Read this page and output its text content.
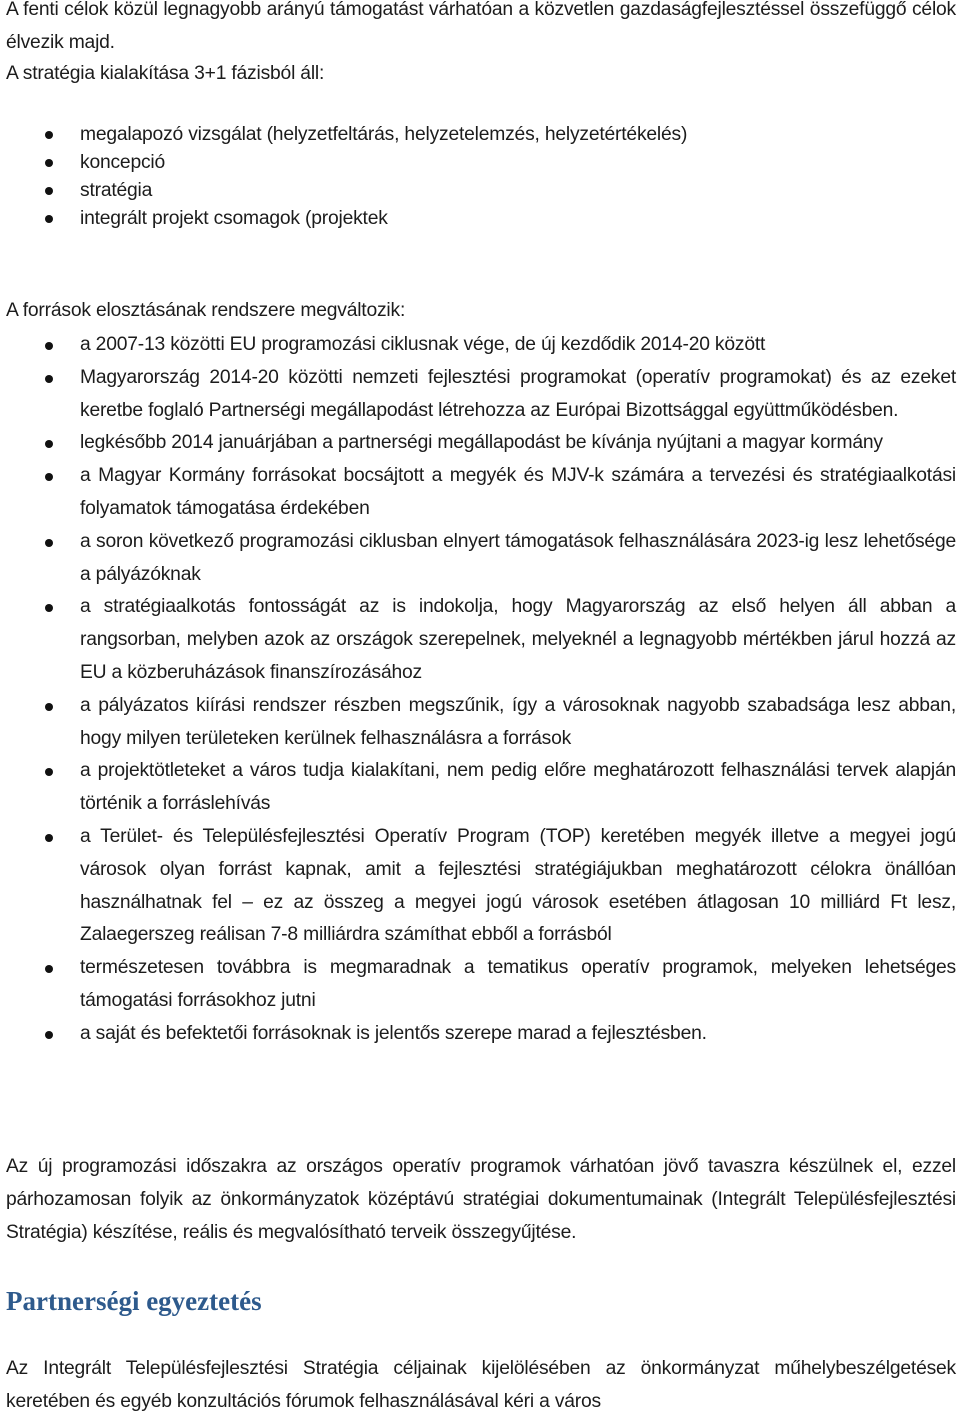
A fenti célok közül legnagyobb arányú támogatást várhatóan a közvetlen gazdaságfejlesztéssel összefüggő célok élvezik majd.

A stratégia kialakítása 3+1 fázisból áll:

megalapozó vizsgálat (helyzetfeltárás, helyzetelemzés, helyzetértékelés)
koncepció
stratégia
integrált projekt csomagok (projektek

A források elosztásának rendszere megváltozik:

a 2007-13 közötti EU programozási ciklusnak vége, de új kezdődik 2014-20 között
Magyarország 2014-20 közötti nemzeti fejlesztési programokat (operatív programokat) és az ezeket keretbe foglaló Partnerségi megállapodást létrehozza az Európai Bizottsággal együttműködésben.
legkésőbb 2014 januárjában a partnerségi megállapodást be kívánja nyújtani a magyar kormány
a Magyar Kormány forrásokat bocsájtott a megyék és MJV-k számára a tervezési és stratégiaalkotási folyamatok támogatása érdekében
a soron következő programozási ciklusban elnyert támogatások felhasználására 2023-ig lesz lehetősége a pályázóknak
a stratégiaalkotás fontosságát az is indokolja, hogy Magyarország az első helyen áll abban a rangsorban, melyben azok az országok szerepelnek, melyeknél a legnagyobb mértékben járul hozzá az EU a közberuházások finanszírozásához
a pályázatos kiírási rendszer részben megszűnik, így a városoknak nagyobb szabadsága lesz abban, hogy milyen területeken kerülnek felhasználásra a források
a projektötleteket a város tudja kialakítani, nem pedig előre meghatározott felhasználási tervek alapján történik a forráslehívás
a Terület- és Településfejlesztési Operatív Program (TOP) keretében megyék illetve a megyei jogú városok olyan forrást kapnak, amit a fejlesztési stratégiájukban meghatározott célokra önállóan használhatnak fel – ez az összeg a megyei jogú városok esetében átlagosan 10 milliárd Ft lesz, Zalaegerszeg reálisan 7-8 milliárdra számíthat ebből a forrásból
természetesen továbbra is megmaradnak a tematikus operatív programok, melyeken lehetséges támogatási forrásokhoz jutni
a saját és befektetői forrásoknak is jelentős szerepe marad a fejlesztésben.

Az új programozási időszakra az országos operatív programok várhatóan jövő tavaszra készülnek el, ezzel párhozamosan folyik az önkormányzatok középtávú stratégiai dokumentumainak (Integrált Településfejlesztési Stratégia) készítése, reális és megvalósítható terveik összegyűjtése.

Partnerségi egyeztetés

Az Integrált Településfejlesztési Stratégia céljainak kijelölésében az önkormányzat műhelybeszélgetések keretében és egyéb konzultációs fórumok felhasználásával kéri a város
